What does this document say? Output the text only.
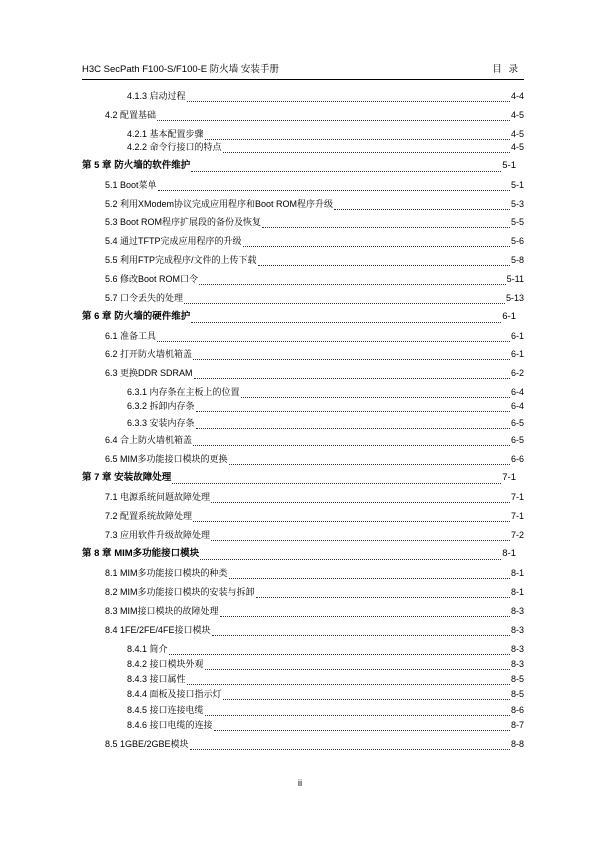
H3C SecPath F100-S/F100-E 防火墙 安装手册	目 录
4.1.3 启动过程	4-4
4.2 配置基础	4-5
4.2.1 基本配置步骤	4-5
4.2.2 命令行接口的特点	4-5
第 5 章 防火墙的软件维护	5-1
5.1 Boot菜单	5-1
5.2 利用XModem协议完成应用程序和Boot ROM程序升级	5-3
5.3 Boot ROM程序扩展段的备份及恢复	5-5
5.4 通过TFTP完成应用程序的升级	5-6
5.5 利用FTP完成程序/文件的上传下载	5-8
5.6 修改Boot ROM口令	5-11
5.7 口令丢失的处理	5-13
第 6 章 防火墙的硬件维护	6-1
6.1 准备工具	6-1
6.2 打开防火墙机箱盖	6-1
6.3 更换DDR SDRAM	6-2
6.3.1 内存条在主板上的位置	6-4
6.3.2 拆卸内存条	6-4
6.3.3 安装内存条	6-5
6.4 合上防火墙机箱盖	6-5
6.5 MIM多功能接口模块的更换	6-6
第 7 章 安装故障处理	7-1
7.1 电源系统问题故障处理	7-1
7.2 配置系统故障处理	7-1
7.3 应用软件升级故障处理	7-2
第 8 章 MIM多功能接口模块	8-1
8.1 MIM多功能接口模块的种类	8-1
8.2 MIM多功能接口模块的安装与拆卸	8-1
8.3 MIM接口模块的故障处理	8-3
8.4 1FE/2FE/4FE接口模块	8-3
8.4.1 简介	8-3
8.4.2 接口模块外观	8-3
8.4.3 接口属性	8-5
8.4.4 面板及接口指示灯	8-5
8.4.5 接口连接电缆	8-6
8.4.6 接口电缆的连接	8-7
8.5 1GBE/2GBE模块	8-8
ii
